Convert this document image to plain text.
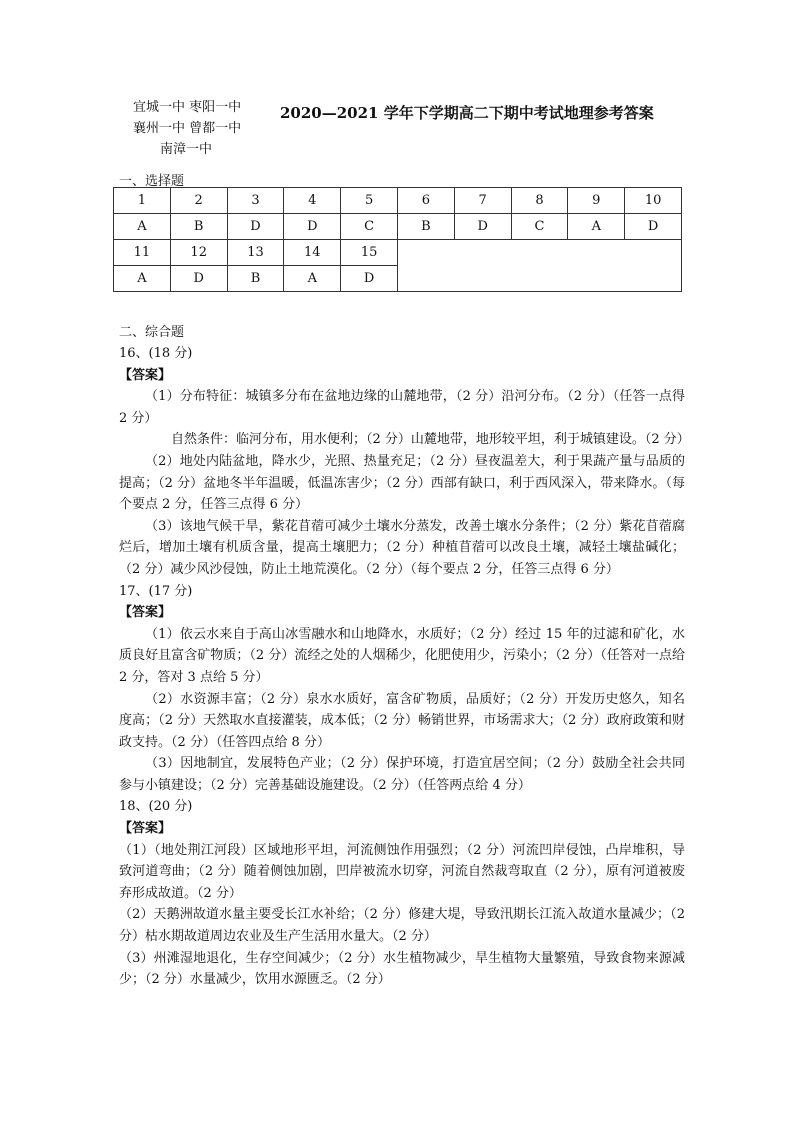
宜城一中 枣阳一中
襄州一中 曾都一中
南漳一中
2020—2021 学年下学期高二下期中考试地理参考答案
一、选择题
1	2	3	4	5	6	7	8	9	10
A	B	D	D	C	B	D	C	A	D
11	12	13	14	15					
A	D	B	A	D					
二、综合题

16、(18 分)

【答案】

（1）分布特征：城镇多分布在盆地边缘的山麓地带，（2 分）沿河分布。（2 分）（任答一点得 2 分）

自然条件：临河分布，用水便利；（2 分）山麓地带，地形较平坦，利于城镇建设。（2 分）

（2）地处内陆盆地，降水少，光照、热量充足；（2 分）昼夜温差大，利于果蔬产量与品质的提高；（2 分）盆地冬半年温暖，低温冻害少；（2 分）西部有缺口，利于西风深入，带来降水。（每个要点 2 分，任答三点得 6 分）

（3）该地气候干旱，紫花苜蓿可减少土壤水分蒸发，改善土壤水分条件；（2 分）紫花苜蓿腐烂后，增加土壤有机质含量，提高土壤肥力；（2 分）种植苜蓿可以改良土壤，减轻土壤盐碱化；（2 分）减少风沙侵蚀，防止土地荒漠化。（2 分）（每个要点 2 分，任答三点得 6 分）

17、(17 分)

【答案】

（1）依云水来自于高山冰雪融水和山地降水，水质好；（2 分）经过 15 年的过滤和矿化，水质良好且富含矿物质；（2 分）流经之处的人烟稀少，化肥使用少，污染小；（2 分）（任答对一点给 2 分，答对 3 点给 5 分）

（2）水资源丰富；（2 分）泉水水质好，富含矿物质，品质好；（2 分）开发历史悠久，知名度高；（2 分）天然取水直接灌装，成本低；（2 分）畅销世界，市场需求大；（2 分）政府政策和财政支持。（2 分）（任答四点给 8 分）

（3）因地制宜，发展特色产业；（2 分）保护环境，打造宜居空间；（2 分）鼓励全社会共同参与小镇建设；（2 分）完善基础设施建设。（2 分）（任答两点给 4 分）

18、(20 分)

【答案】

（1）（地处荆江河段）区域地形平坦，河流侧蚀作用强烈；（2 分）河流凹岸侵蚀，凸岸堆积，导致河道弯曲；（2 分）随着侧蚀加剧，凹岸被流水切穿，河流自然裁弯取直（2 分），原有河道被废弃形成故道。（2 分）

（2）天鹅洲故道水量主要受长江水补给；（2 分）修建大堤，导致汛期长江流入故道水量减少；（2 分）枯水期故道周边农业及生产生活用水量大。（2 分）

（3）州滩湿地退化，生存空间减少；（2 分）水生植物减少，旱生植物大量繁殖，导致食物来源减少；（2 分）水量减少，饮用水源匮乏。（2 分）
